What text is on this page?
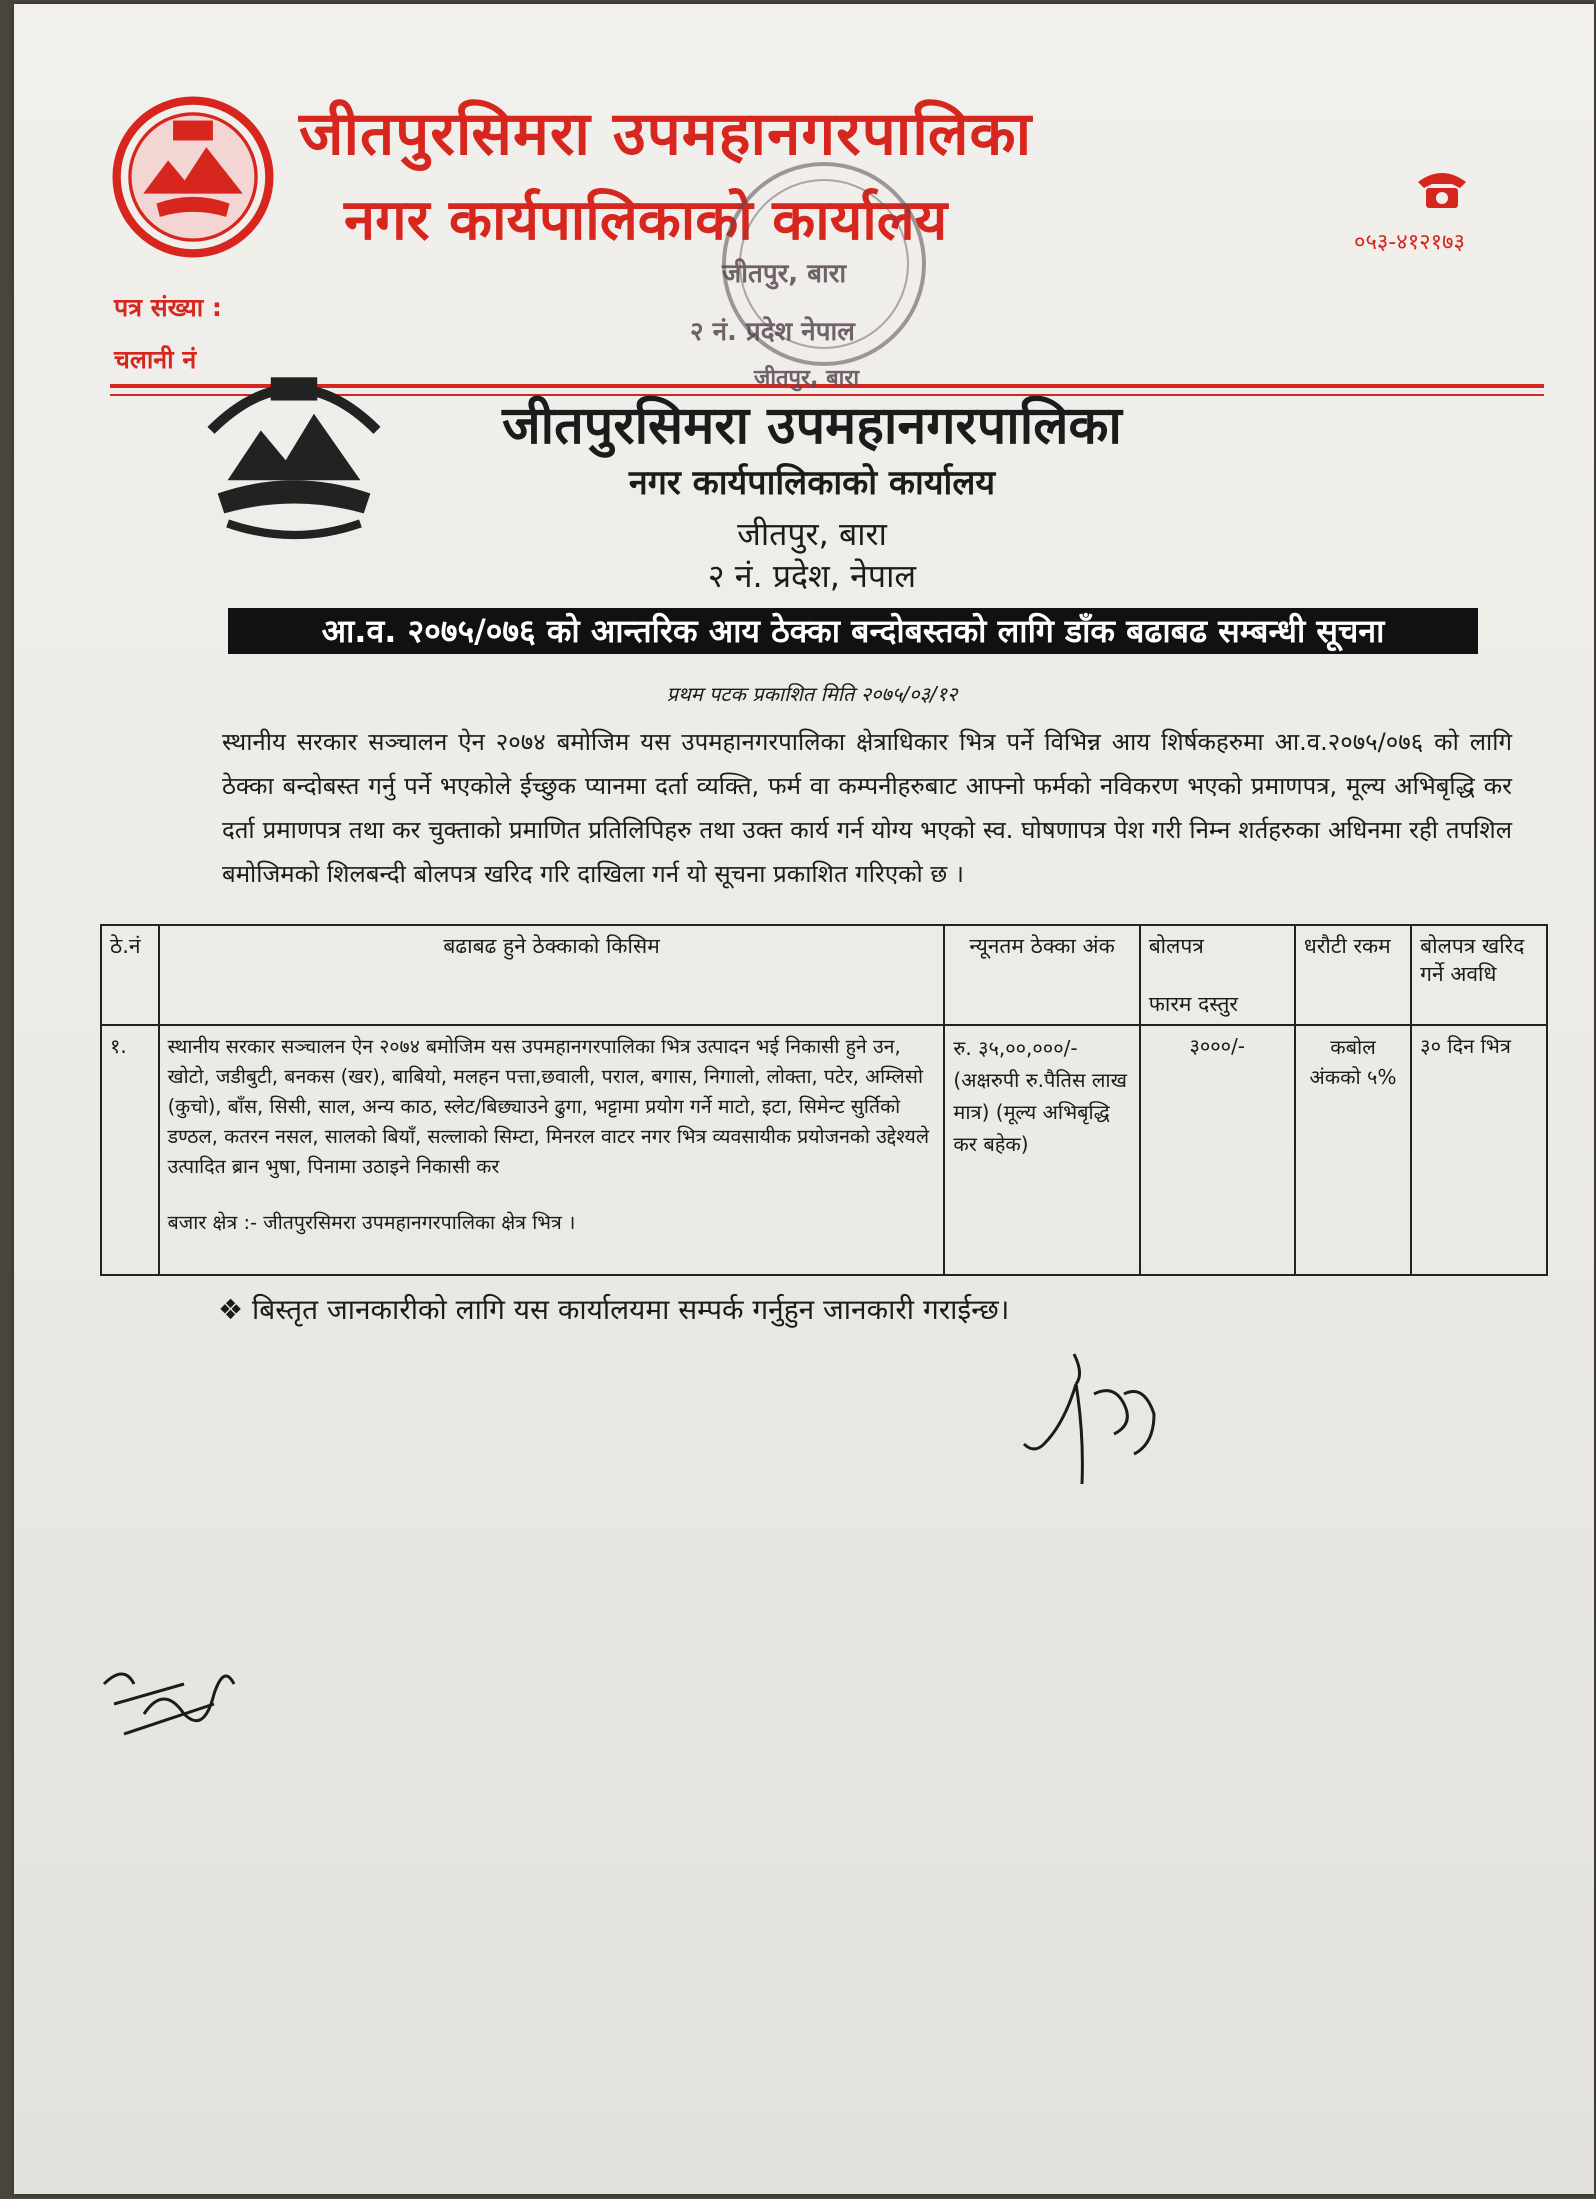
जीतपुरसिमरा उपमहानगरपालिका
नगर कार्यपालिकाको कार्यालय
पत्र संख्या :
चलानी नं
०५३-४१२१७३
जीतपुर, बारा
२ नं. प्रदेश नेपाल
जीतपुर, बारा
जीतपुरसिमरा उपमहानगरपालिका
नगर कार्यपालिकाको कार्यालय
जीतपुर, बारा
२ नं. प्रदेश, नेपाल
आ.व. २०७५/०७६ को आन्तरिक आय ठेक्का बन्दोबस्तको लागि डाँक बढाबढ सम्बन्धी सूचना
प्रथम पटक प्रकाशित मिति २०७५/०३/१२
स्थानीय सरकार सञ्चालन ऐन २०७४ बमोजिम यस उपमहानगरपालिका क्षेत्राधिकार भित्र पर्ने विभिन्न आय शिर्षकहरुमा आ.व.२०७५/०७६ को लागि ठेक्का बन्दोबस्त गर्नु पर्ने भएकोले ईच्छुक प्यानमा दर्ता व्यक्ति, फर्म वा कम्पनीहरुबाट आफ्नो फर्मको नविकरण भएको प्रमाणपत्र, मूल्य अभिबृद्धि कर दर्ता प्रमाणपत्र तथा कर चुक्ताको प्रमाणित प्रतिलिपिहरु तथा उक्त कार्य गर्न योग्य भएको स्व. घोषणापत्र पेश गरी निम्न शर्तहरुका अधिनमा रही तपशिल बमोजिमको शिलबन्दी बोलपत्र खरिद गरि दाखिला गर्न यो सूचना प्रकाशित गरिएको छ ।
ठे.नं	बढाबढ हुने ठेक्काको किसिम	न्यूनतम ठेक्का अंक	बोलपत्र
फारम दस्तुर	धरौटी रकम	बोलपत्र खरिद गर्ने अवधि
१.	स्थानीय सरकार सञ्चालन ऐन २०७४ बमोजिम यस उपमहानगरपालिका भित्र उत्पादन भई निकासी हुने उन, खोटो, जडीबुटी, बनकस (खर), बाबियो, मलहन पत्ता,छवाली, पराल, बगास, निगालो, लोक्ता, पटेर, अम्लिसो (कुचो), बाँस, सिसी, साल, अन्य काठ, स्लेट/बिछ्याउने ढुगा, भट्टामा प्रयोग गर्ने माटो, इटा, सिमेन्ट सुर्तिको डण्ठल, कतरन नसल, सालको बियाँ, सल्लाको सिम्टा, मिनरल वाटर नगर भित्र व्यवसायीक प्रयोजनको उद्देश्यले उत्पादित ब्रान भुषा, पिनामा उठाइने निकासी कर
बजार क्षेत्र :- जीतपुरसिमरा उपमहानगरपालिका क्षेत्र भित्र ।	रु. ३५,००,०००/- (अक्षरुपी रु.पैतिस लाख मात्र) (मूल्य अभिबृद्धि कर बहेक)	३०००/-	कबोल अंकको ५%	३० दिन भित्र
❖ बिस्तृत जानकारीको लागि यस कार्यालयमा सम्पर्क गर्नुहुन जानकारी गराईन्छ।
